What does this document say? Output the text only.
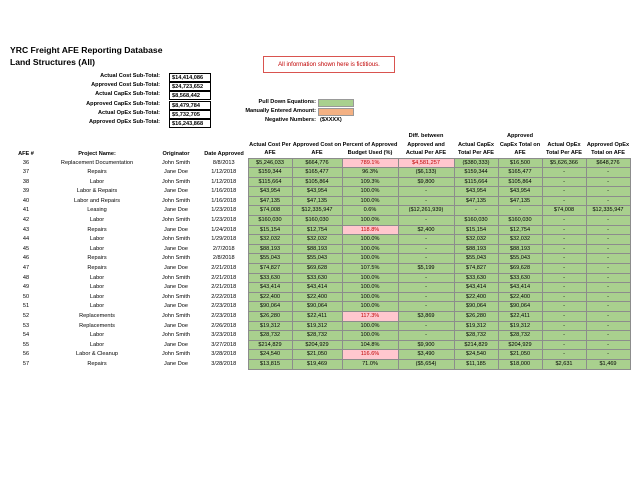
YRC Freight AFE Reporting Database
Land Structures (All)	All information shown here is fictitious.
Actual Cost Sub-Total:	$14,414,086
Approved Cost Sub-Total:	$24,723,652
Actual CapEx Sub-Total:	$8,568,442
Approved CapEx Sub-Total:	$8,479,784
Actual OpEx Sub-Total:	$5,732,705
Approved OpEx Sub-Total:	$16,243,868
Pull Down Equations:
Manually Entered Amount:
Negative Numbers: ($XXXX)
AFE #	Project Name:	Originator	Date Approved	Actual Cost Per AFE	Approved Cost on AFE	Percent of Approved Budget Used (%)	Diff. between Approved and Actual Per AFE	Actual CapEx Total Per AFE	Approved CapEx Total on AFE	Actual OpEx Total Per AFE	Approved OpEx Total on AFE
36	Replacement Documentation	John Smith	8/8/2013	$5,246,033	$664,776	789.1%	$4,581,257	($380,333)	$16,500	$5,626,366	$648,276
37	Repairs	Jane Doe	1/12/2018	$159,344	$165,477	96.3%	($6,133)	$159,344	$165,477	-	-
38	Labor	John Smith	1/12/2018	$115,664	$105,864	109.3%	$9,800	$115,664	$105,864	-	-
39	Labor & Repairs	Jane Doe	1/16/2018	$43,954	$43,954	100.0%	-	$43,954	$43,954	-	-
40	Labor and Repairs	John Smith	1/16/2018	$47,135	$47,135	100.0%	-	$47,135	$47,135	-	-
41	Leasing	Jane Doe	1/23/2018	$74,008	$12,335,947	0.6%	($12,261,939)	-	-	$74,008	$12,335,947
42	Labor	John Smith	1/23/2018	$160,030	$160,030	100.0%	-	$160,030	$160,030	-	-
43	Repairs	Jane Doe	1/24/2018	$15,154	$12,754	118.8%	$2,400	$15,154	$12,754	-	-
44	Labor	John Smith	1/29/2018	$32,032	$32,032	100.0%	-	$32,032	$32,032	-	-
45	Labor	Jane Doe	2/7/2018	$88,193	$88,193	100.0%	-	$88,193	$88,193	-	-
46	Repairs	John Smith	2/8/2018	$55,043	$55,043	100.0%	-	$55,043	$55,043	-	-
47	Repairs	Jane Doe	2/21/2018	$74,827	$69,628	107.5%	$5,199	$74,827	$69,628	-	-
48	Labor	John Smith	2/21/2018	$33,630	$33,630	100.0%	-	$33,630	$33,630	-	-
49	Labor	Jane Doe	2/21/2018	$43,414	$43,414	100.0%	-	$43,414	$43,414	-	-
50	Labor	John Smith	2/22/2018	$22,400	$22,400	100.0%	-	$22,400	$22,400	-	-
51	Labor	Jane Doe	2/23/2018	$90,064	$90,064	100.0%	-	$90,064	$90,064	-	-
52	Replacements	John Smith	2/23/2018	$26,280	$22,411	117.3%	$3,869	$26,280	$22,411	-	-
53	Replacements	Jane Doe	2/26/2018	$19,312	$19,312	100.0%	-	$19,312	$19,312	-	-
54	Labor	John Smith	3/23/2018	$28,732	$28,732	100.0%	-	$28,732	$28,732	-	-
55	Labor	Jane Doe	3/27/2018	$214,829	$204,929	104.8%	$9,900	$214,829	$204,929	-	-
56	Labor & Cleanup	John Smith	3/28/2018	$24,540	$21,050	116.6%	$3,490	$24,540	$21,050	-	-
57	Repairs	Jane Doe	3/28/2018	$13,815	$19,469	71.0%	($5,654)	$11,185	$18,000	$2,631	$1,469
